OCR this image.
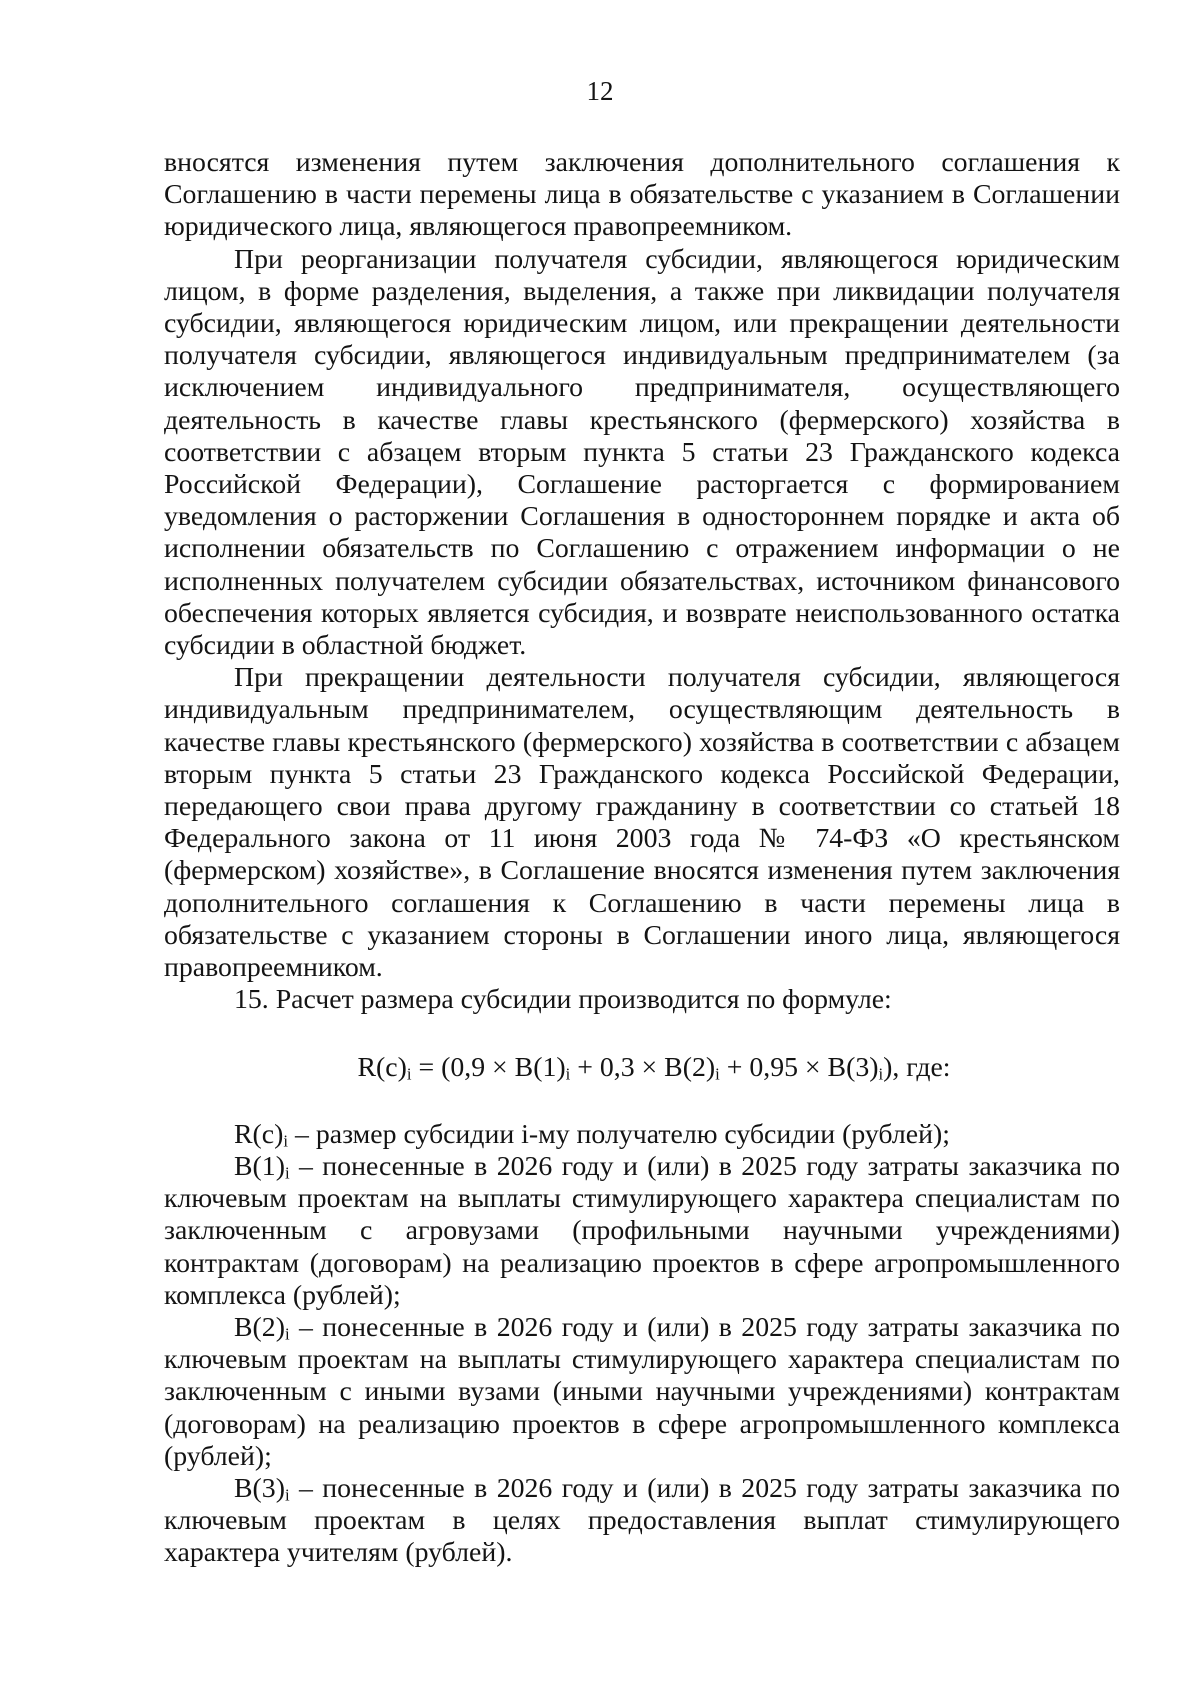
12

вносятся изменения путем заключения дополнительного соглашения к Соглашению в части перемены лица в обязательстве с указанием в Соглашении юридического лица, являющегося правопреемником.

При реорганизации получателя субсидии, являющегося юридическим лицом, в форме разделения, выделения, а также при ликвидации получателя субсидии, являющегося юридическим лицом, или прекращении деятельности получателя субсидии, являющегося индивидуальным предпринимателем (за исключением индивидуального предпринимателя, осуществляющего деятельность в качестве главы крестьянского (фермерского) хозяйства в соответствии с абзацем вторым пункта 5 статьи 23 Гражданского кодекса Российской Федерации), Соглашение расторгается с формированием уведомления о расторжении Соглашения в одностороннем порядке и акта об исполнении обязательств по Соглашению с отражением информации о не исполненных получателем субсидии обязательствах, источником финансового обеспечения которых является субсидия, и возврате неиспользованного остатка субсидии в областной бюджет.

При прекращении деятельности получателя субсидии, являющегося индивидуальным предпринимателем, осуществляющим деятельность в качестве главы крестьянского (фермерского) хозяйства в соответствии с абзацем вторым пункта 5 статьи 23 Гражданского кодекса Российской Федерации, передающего свои права другому гражданину в соответствии со статьей 18 Федерального закона от 11 июня 2003 года № 74-ФЗ «О крестьянском (фермерском) хозяйстве», в Соглашение вносятся изменения путем заключения дополнительного соглашения к Соглашению в части перемены лица в обязательстве с указанием стороны в Соглашении иного лица, являющегося правопреемником.

15. Расчет размера субсидии производится по формуле:

$R(c)_i = (0,9 \times B(1)_i + 0,3 \times B(2)_i + 0,95 \times B(3)_i)$, где:

$R(c)_i$ – размер субсидии i-му получателю субсидии (рублей);

$B(1)_i$ – понесенные в 2026 году и (или) в 2025 году затраты заказчика по ключевым проектам на выплаты стимулирующего характера специалистам по заключенным с агровузами (профильными научными учреждениями) контрактам (договорам) на реализацию проектов в сфере агропромышленного комплекса (рублей);

$B(2)_i$ – понесенные в 2026 году и (или) в 2025 году затраты заказчика по ключевым проектам на выплаты стимулирующего характера специалистам по заключенным с иными вузами (иными научными учреждениями) контрактам (договорам) на реализацию проектов в сфере агропромышленного комплекса (рублей);

$B(3)_i$ – понесенные в 2026 году и (или) в 2025 году затраты заказчика по ключевым проектам в целях предоставления выплат стимулирующего характера учителям (рублей).
